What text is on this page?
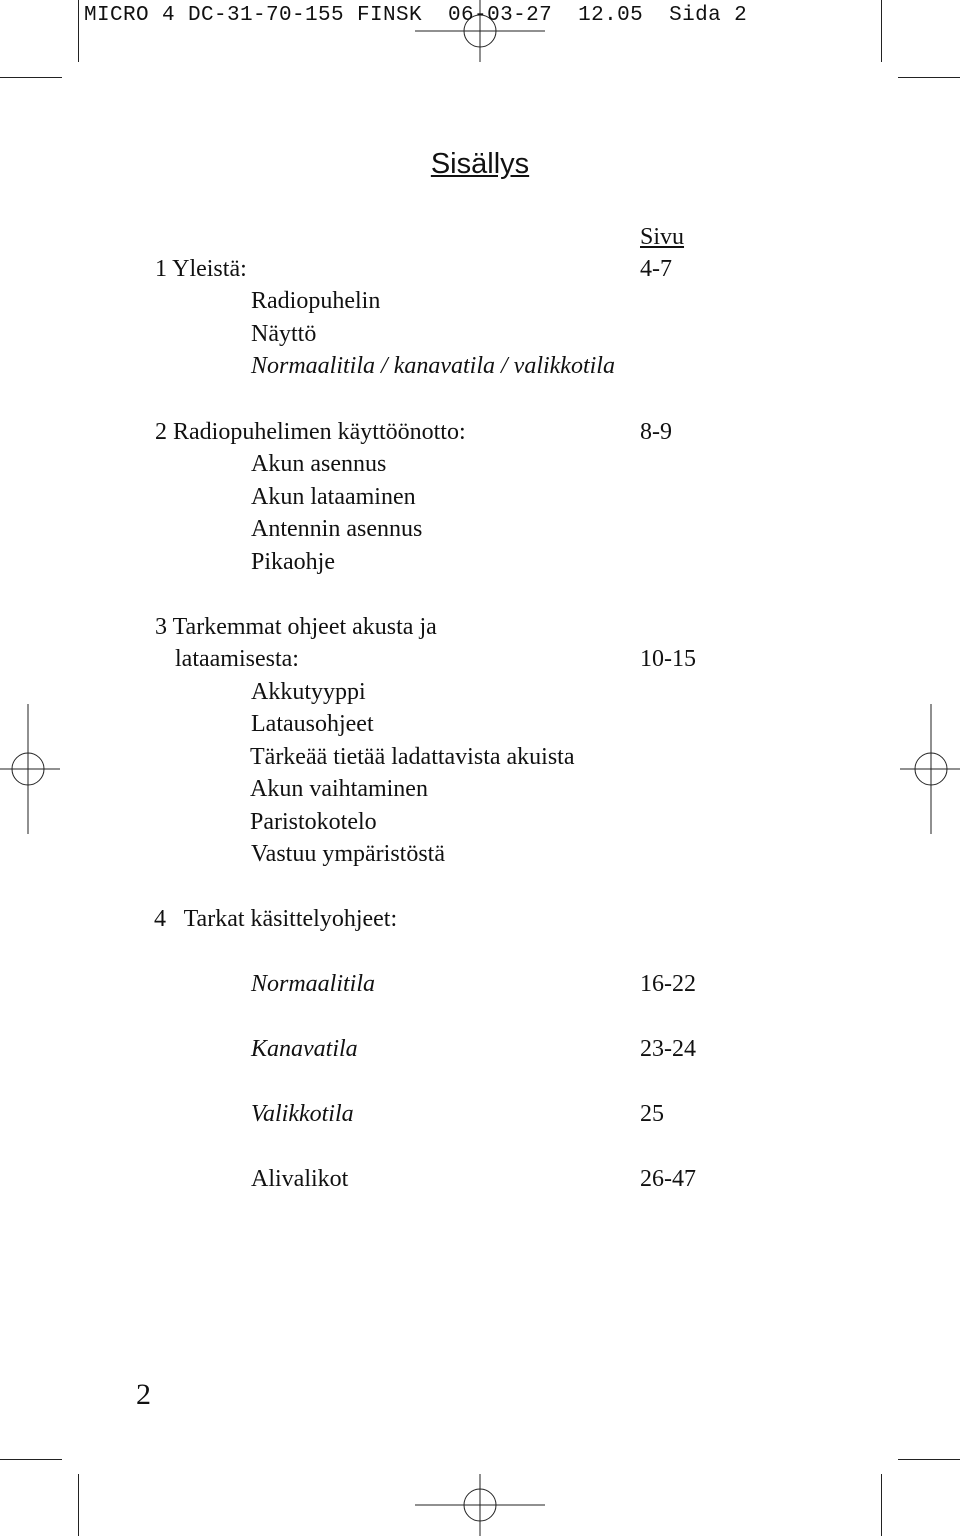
MICRO 4 DC-31-70-155 FINSK  06-03-27  12.05  Sida 2
Sisällys
Sivu
1 Yleistä:	4-7
Radiopuhelin
Näyttö
Normaalitila / kanavatila / valikkotila
2 Radiopuhelimen käyttöönotto:	8-9
Akun asennus
Akun lataaminen
Antennin asennus
Pikaohje
3 Tarkemmat ohjeet akusta ja
lataamisesta:	10-15
Akkutyyppi
Latausohjeet
Tärkeää tietää ladattavista akuista
Akun vaihtaminen
Paristokotelo
Vastuu ympäristöstä
4   Tarkat käsittelyohjeet:
Normaalitila	16-22
Kanavatila	23-24
Valikkotila	25
Alivalikot	26-47
2
